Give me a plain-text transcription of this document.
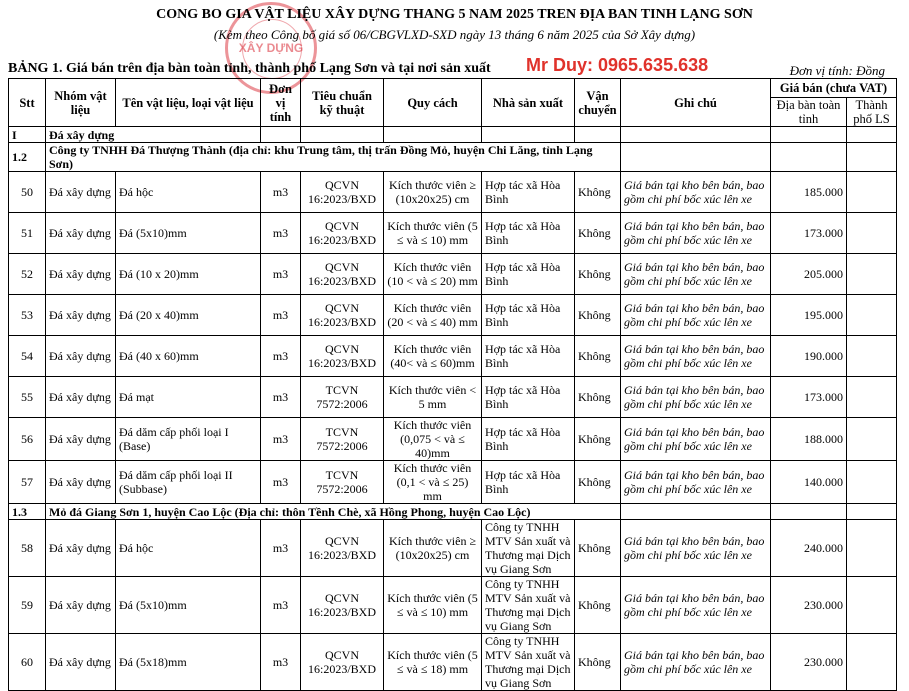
XÂY DỰNG
CONG BO GIA VẬT LIỆU XÂY DỰNG THANG 5 NAM 2025 TREN ĐỊA BAN TINH LẠNG SƠN
(Kèm theo Công bố giá số 06/CBGVLXD-SXD ngày 13 tháng 6 năm 2025 của Sở Xây dựng)
BẢNG 1. Giá bán trên địa bàn toàn tỉnh, thành phố Lạng Sơn và tại nơi sản xuất Mr Duy: 0965.635.638	Đơn vị tính: Đồng
Stt	Nhóm vật liệu	Tên vật liệu, loại vật liệu	Đơn vị tính	Tiêu chuẩn kỹ thuật	Quy cách	Nhà sản xuất	Vận chuyển	Ghi chú	Giá bán (chưa VAT)	
									Địa bàn toàn tỉnh	Thành phố LS
I	Đá xây dựng									
1.2	Công ty TNHH Đá Thượng Thành (địa chỉ: khu Trung tâm, thị trấn Đồng Mỏ, huyện Chi Lăng, tỉnh Lạng Sơn)									
50	Đá xây dựng	Đá hộc	m3	QCVN 16:2023/BXD	Kích thước viên ≥ (10x20x25) cm	Hợp tác xã Hòa Bình	Không	Giá bán tại kho bên bán, bao gồm chi phí bốc xúc lên xe	185.000	
51	Đá xây dựng	Đá (5x10)mm	m3	QCVN 16:2023/BXD	Kích thước viên (5 ≤ và ≤ 10) mm	Hợp tác xã Hòa Bình	Không	Giá bán tại kho bên bán, bao gồm chi phí bốc xúc lên xe	173.000	
52	Đá xây dựng	Đá (10 x 20)mm	m3	QCVN 16:2023/BXD	Kích thước viên (10 < và ≤ 20) mm	Hợp tác xã Hòa Bình	Không	Giá bán tại kho bên bán, bao gồm chi phí bốc xúc lên xe	205.000	
53	Đá xây dựng	Đá (20 x 40)mm	m3	QCVN 16:2023/BXD	Kích thước viên (20 < và ≤ 40) mm	Hợp tác xã Hòa Bình	Không	Giá bán tại kho bên bán, bao gồm chi phí bốc xúc lên xe	195.000	
54	Đá xây dựng	Đá (40 x 60)mm	m3	QCVN 16:2023/BXD	Kích thước viên (40< và ≤ 60)mm	Hợp tác xã Hòa Bình	Không	Giá bán tại kho bên bán, bao gồm chi phí bốc xúc lên xe	190.000	
55	Đá xây dựng	Đá mạt	m3	TCVN 7572:2006	Kích thước viên < 5 mm	Hợp tác xã Hòa Bình	Không	Giá bán tại kho bên bán, bao gồm chi phí bốc xúc lên xe	173.000	
56	Đá xây dựng	Đá dăm cấp phối loại I (Base)	m3	TCVN 7572:2006	Kích thước viên (0,075 < và ≤ 40)mm	Hợp tác xã Hòa Bình	Không	Giá bán tại kho bên bán, bao gồm chi phí bốc xúc lên xe	188.000	
57	Đá xây dựng	Đá dăm cấp phối loại II (Subbase)	m3	TCVN 7572:2006	Kích thước viên (0,1 < và ≤ 25) mm	Hợp tác xã Hòa Bình	Không	Giá bán tại kho bên bán, bao gồm chi phí bốc xúc lên xe	140.000	
1.3	Mỏ đá Giang Sơn 1, huyện Cao Lộc (Địa chỉ: thôn Tềnh Chè, xã Hồng Phong, huyện Cao Lộc)									
58	Đá xây dựng	Đá hộc	m3	QCVN 16:2023/BXD	Kích thước viên ≥ (10x20x25) cm	Công ty TNHH MTV Sản xuất và Thương mại Dịch vụ Giang Sơn	Không	Giá bán tại kho bên bán, bao gồm chi phí bốc xúc lên xe	240.000	
59	Đá xây dựng	Đá (5x10)mm	m3	QCVN 16:2023/BXD	Kích thước viên (5 ≤ và ≤ 10) mm	Công ty TNHH MTV Sản xuất và Thương mại Dịch vụ Giang Sơn	Không	Giá bán tại kho bên bán, bao gồm chi phí bốc xúc lên xe	230.000	
60	Đá xây dựng	Đá (5x18)mm	m3	QCVN 16:2023/BXD	Kích thước viên (5 ≤ và ≤ 18) mm	Công ty TNHH MTV Sản xuất và Thương mại Dịch vụ Giang Sơn	Không	Giá bán tại kho bên bán, bao gồm chi phí bốc xúc lên xe	230.000	
